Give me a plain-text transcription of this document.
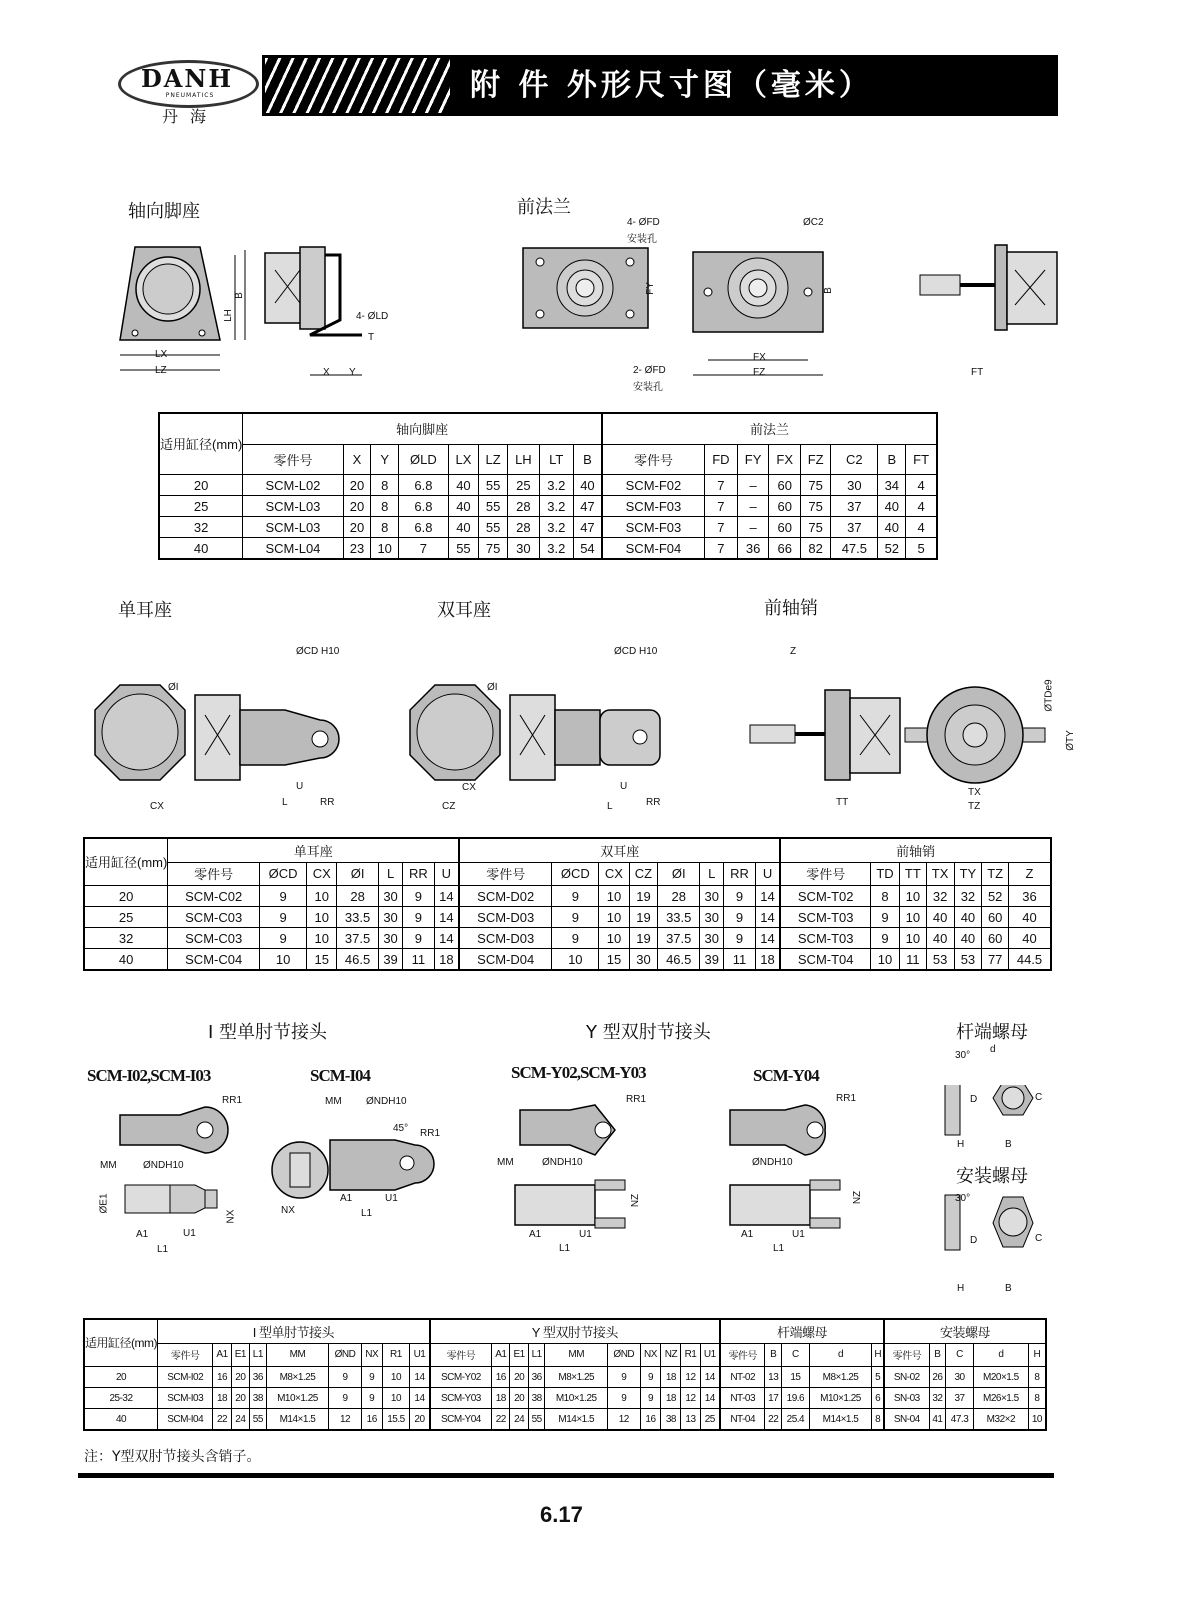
DANH
PNEUMATICS
丹海
附 件 外形尺寸图（毫米）
轴向脚座	前法兰
LX
LZ
LH
B
X Y
4- ØLD
T
4- ØFD
安装孔
ØC2
FY	B
FX
FZ
2- ØFD
安装孔
FT
适用缸径(mm)	轴向脚座									前法兰							
	零件号	X	Y	ØLD	LX	LZ	LH	LT	B	零件号	FD	FY	FX	FZ	C2	B	FT
20	SCM-L02	20	8	6.8	40	55	25	3.2	40	SCM-F02	7	–	60	75	30	34	4
25	SCM-L03	20	8	6.8	40	55	28	3.2	47	SCM-F03	7	–	60	75	37	40	4
32	SCM-L03	20	8	6.8	40	55	28	3.2	47	SCM-F03	7	–	60	75	37	40	4
40	SCM-L04	23	10	7	55	75	30	3.2	54	SCM-F04	7	36	66	82	47.5	52	5
单耳座	双耳座	前轴销
ØCD H10
ØI
CX	L
U
RR
ØCD H10
ØI
CX
CZ	L
U
RR
Z
ØTDe9
ØTY
TT
TX
TZ
适用缸径(mm)	单耳座							双耳座								前轴销						
	零件号	ØCD	CX	ØI	L	RR	U	零件号	ØCD	CX	CZ	ØI	L	RR	U	零件号	TD	TT	TX	TY	TZ	Z
20	SCM-C02	9	10	28	30	9	14	SCM-D02	9	10	19	28	30	9	14	SCM-T02	8	10	32	32	52	36
25	SCM-C03	9	10	33.5	30	9	14	SCM-D03	9	10	19	33.5	30	9	14	SCM-T03	9	10	40	40	60	40
32	SCM-C03	9	10	37.5	30	9	14	SCM-D03	9	10	19	37.5	30	9	14	SCM-T03	9	10	40	40	60	40
40	SCM-C04	10	15	46.5	39	11	18	SCM-D04	10	15	30	46.5	39	11	18	SCM-T04	10	11	53	53	77	44.5
I 型单肘节接头	Y 型双肘节接头	杆端螺母
安装螺母
SCM-I02,SCM-I03	SCM-I04	SCM-Y02,SCM-Y03	SCM-Y04
RR1
MM	ØNDH10
ØE1
A1	U1
L1
NX
MM ØNDH10
45° RR1
NX
A1	U1
L1
RR1
MM	ØNDH10
NZ
A1	U1
L1
RR1
ØNDH10
NZ
A1	U1
L1
30°
d
C
D
H	B
30°
C
D
H	B
适用缸径(mm)	I 型单肘节接头									Y 型双肘节接头										杆端螺母					安装螺母				
	零件号	A1	E1	L1	MM	ØND	NX	R1	U1	零件号	A1	E1	L1	MM	ØND	NX	NZ	R1	U1	零件号	B	C	d	H	零件号	B	C	d	H
20	SCM-I02	16	20	36	M8×1.25	9	9	10	14	SCM-Y02	16	20	36	M8×1.25	9	9	18	12	14	NT-02	13	15	M8×1.25	5	SN-02	26	30	M20×1.5	8
25-32	SCM-I03	18	20	38	M10×1.25	9	9	10	14	SCM-Y03	18	20	38	M10×1.25	9	9	18	12	14	NT-03	17	19.6	M10×1.25	6	SN-03	32	37	M26×1.5	8
40	SCM-I04	22	24	55	M14×1.5	12	16	15.5	20	SCM-Y04	22	24	55	M14×1.5	12	16	38	13	25	NT-04	22	25.4	M14×1.5	8	SN-04	41	47.3	M32×2	10
注：Y型双肘节接头含销子。
6.17
